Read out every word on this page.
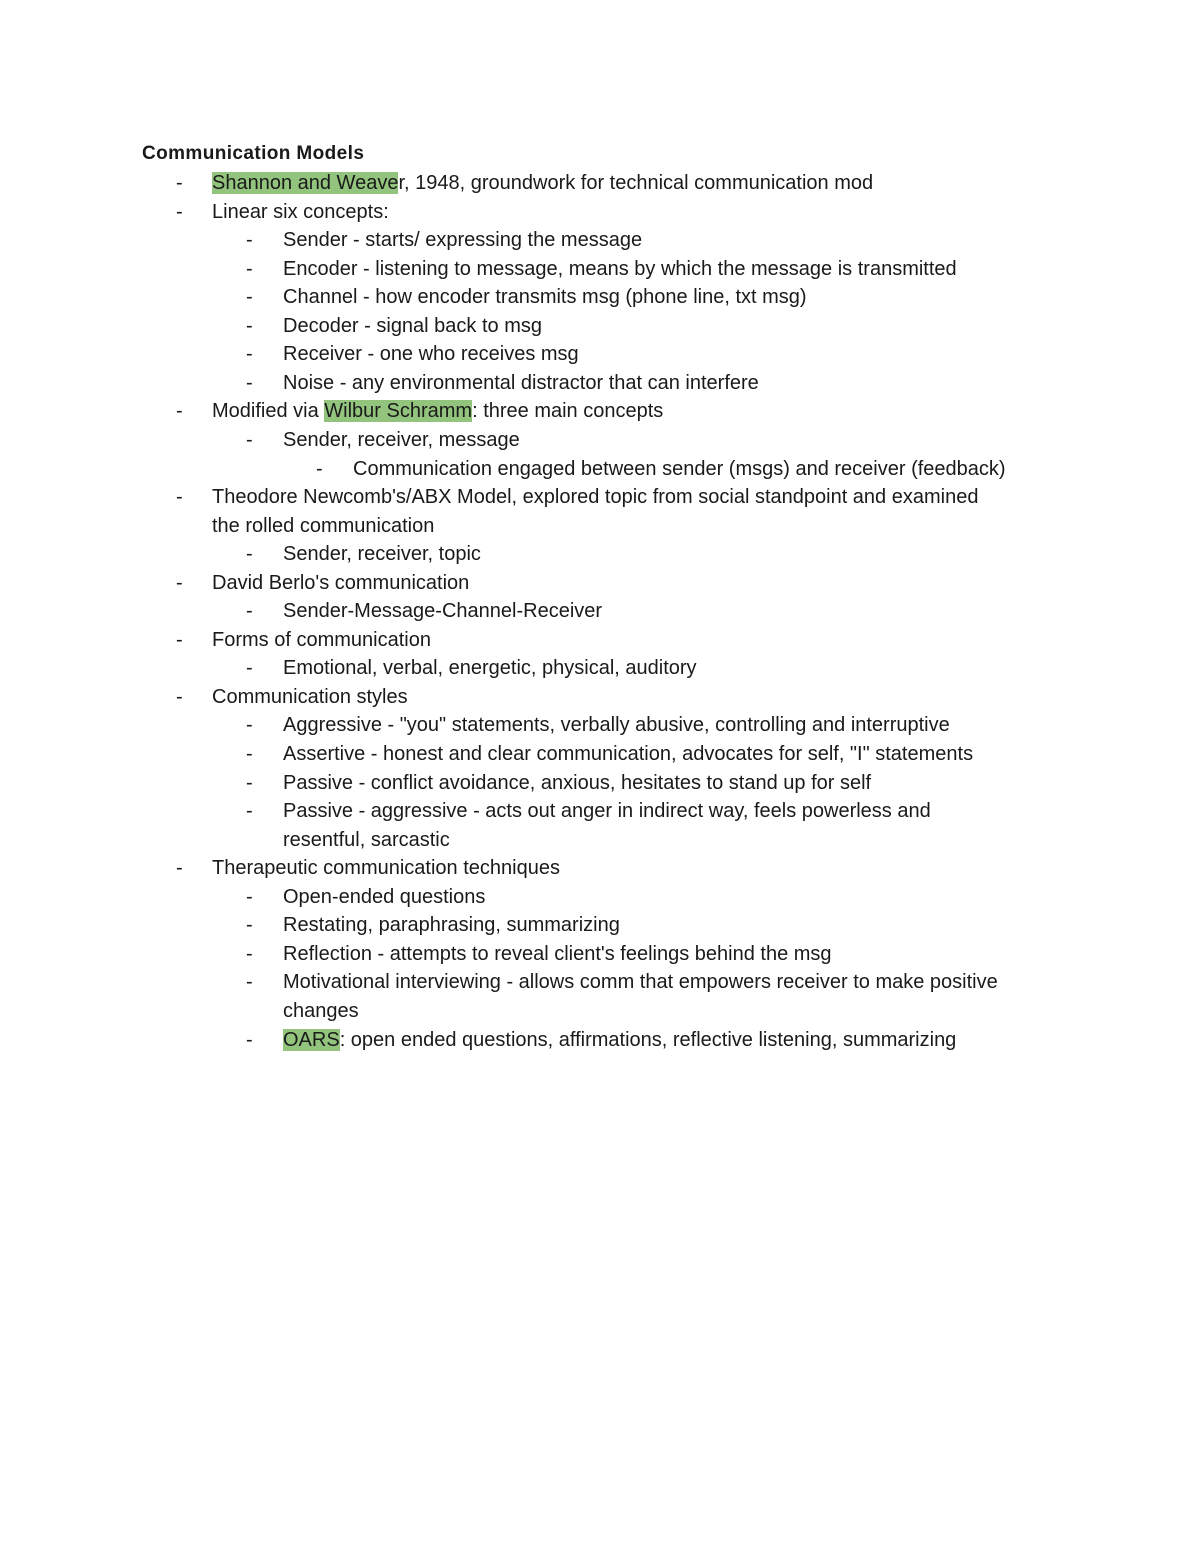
Communication Models
- Shannon and Weaver, 1948, groundwork for technical communication mod
- Linear six concepts:
- Sender - starts/ expressing the message
- Encoder - listening to message, means by which the message is transmitted
- Channel - how encoder transmits msg (phone line, txt msg)
- Decoder - signal back to msg
- Receiver - one who receives msg
- Noise - any environmental distractor that can interfere
- Modified via Wilbur Schramm: three main concepts
- Sender, receiver, message
- Communication engaged between sender (msgs) and receiver (feedback)
- Theodore Newcomb's/ABX Model, explored topic from social standpoint and examined
the rolled communication
- Sender, receiver, topic
- David Berlo's communication
- Sender-Message-Channel-Receiver
- Forms of communication
- Emotional, verbal, energetic, physical, auditory
- Communication styles
- Aggressive - "you" statements, verbally abusive, controlling and interruptive
- Assertive - honest and clear communication, advocates for self, "I" statements
- Passive - conflict avoidance, anxious, hesitates to stand up for self
- Passive - aggressive - acts out anger in indirect way, feels powerless and
resentful, sarcastic
- Therapeutic communication techniques
- Open-ended questions
- Restating, paraphrasing, summarizing
- Reflection - attempts to reveal client's feelings behind the msg
- Motivational interviewing - allows comm that empowers receiver to make positive
changes
- OARS: open ended questions, affirmations, reflective listening, summarizing
